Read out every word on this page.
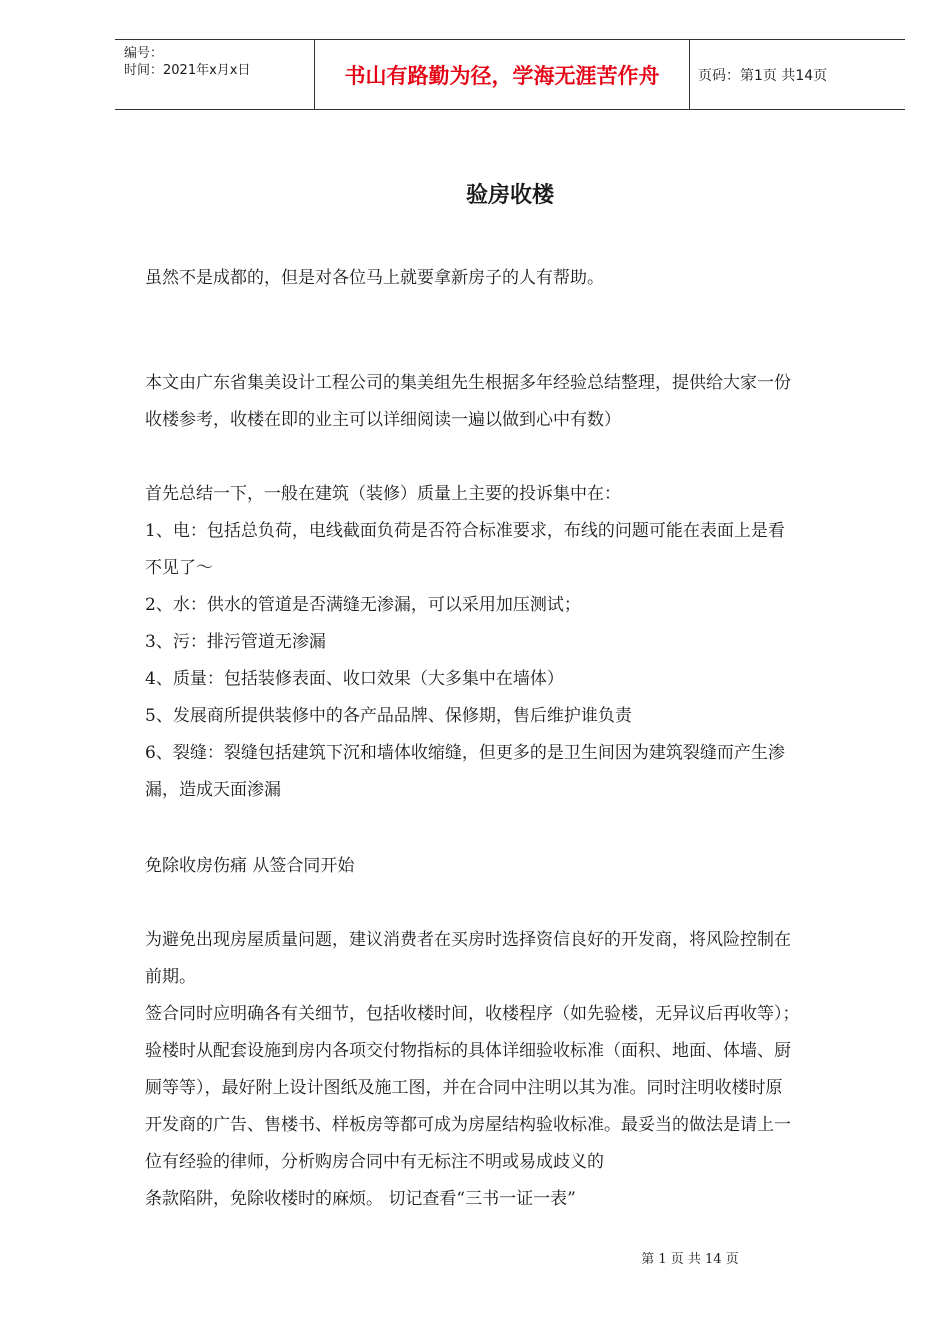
编号：
时间：2021年x月x日	书山有路勤为径，学海无涯苦作舟	页码：第1页 共14页
验房收楼

虽然不是成都的，但是对各位马上就要拿新房子的人有帮助。

本文由广东省集美设计工程公司的集美组先生根据多年经验总结整理，提供给大家一份

收楼参考，收楼在即的业主可以详细阅读一遍以做到心中有数）

首先总结一下，一般在建筑（装修）质量上主要的投诉集中在：

1、电：包括总负荷，电线截面负荷是否符合标准要求，布线的问题可能在表面上是看

不见了～

2、水：供水的管道是否满缝无渗漏，可以采用加压测试；

3、污：排污管道无渗漏

4、质量：包括装修表面、收口效果（大多集中在墙体）

5、发展商所提供装修中的各产品品牌、保修期，售后维护谁负责

6、裂缝：裂缝包括建筑下沉和墙体收缩缝，但更多的是卫生间因为建筑裂缝而产生渗

漏，造成天面渗漏

免除收房伤痛 从签合同开始

为避免出现房屋质量问题，建议消费者在买房时选择资信良好的开发商，将风险控制在

前期。

签合同时应明确各有关细节，包括收楼时间，收楼程序（如先验楼，无异议后再收等）；

验楼时从配套设施到房内各项交付物指标的具体详细验收标准（面积、地面、体墙、厨

厕等等），最好附上设计图纸及施工图，并在合同中注明以其为准。同时注明收楼时原

开发商的广告、售楼书、样板房等都可成为房屋结构验收标准。最妥当的做法是请上一

位有经验的律师，分析购房合同中有无标注不明或易成歧义的

条款陷阱，免除收楼时的麻烦。 切记查看“三书一证一表”

第 1 页 共 14 页
